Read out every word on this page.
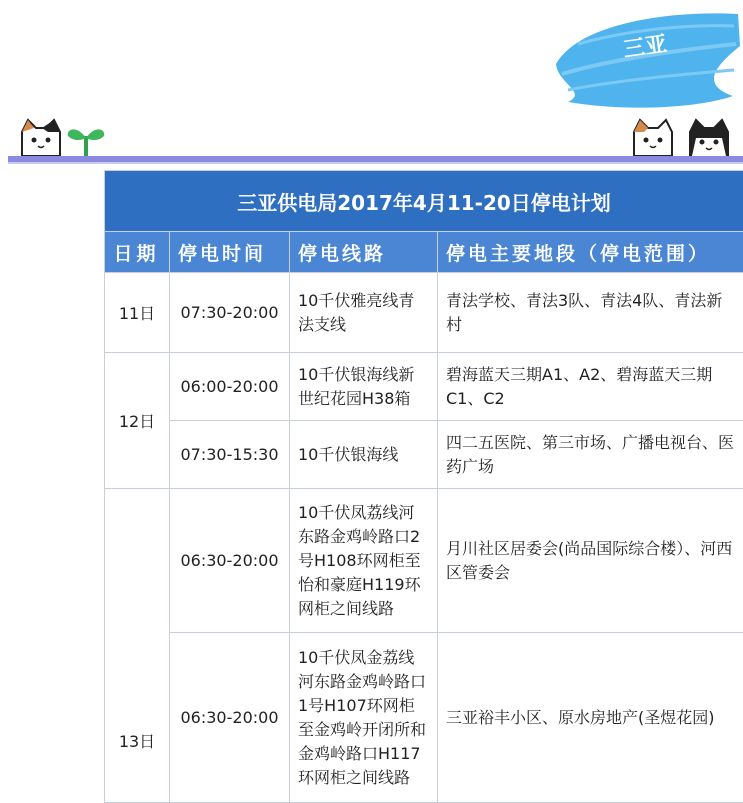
三亚
三亚供电局2017年4月11-20日停电计划			
日期	停电时间	停电线路	停电主要地段（停电范围）
11日	07:30-20:00	10千伏雅亮线青法支线	青法学校、青法3队、青法4队、青法新村
12日	06:00-20:00	10千伏银海线新世纪花园H38箱	碧海蓝天三期A1、A2、碧海蓝天三期C1、C2
	07:30-15:30	10千伏银海线	四二五医院、第三市场、广播电视台、医药广场
13日	06:30-20:00	10千伏凤荔线河东路金鸡岭路口2号H108环网柜至怡和豪庭H119环网柜之间线路	月川社区居委会(尚品国际综合楼）、河西区管委会
	06:30-20:00	10千伏凤金荔线河东路金鸡岭路口1号H107环网柜至金鸡岭开闭所和金鸡岭路口H117环网柜之间线路	三亚裕丰小区、原水房地产(圣煜花园)
